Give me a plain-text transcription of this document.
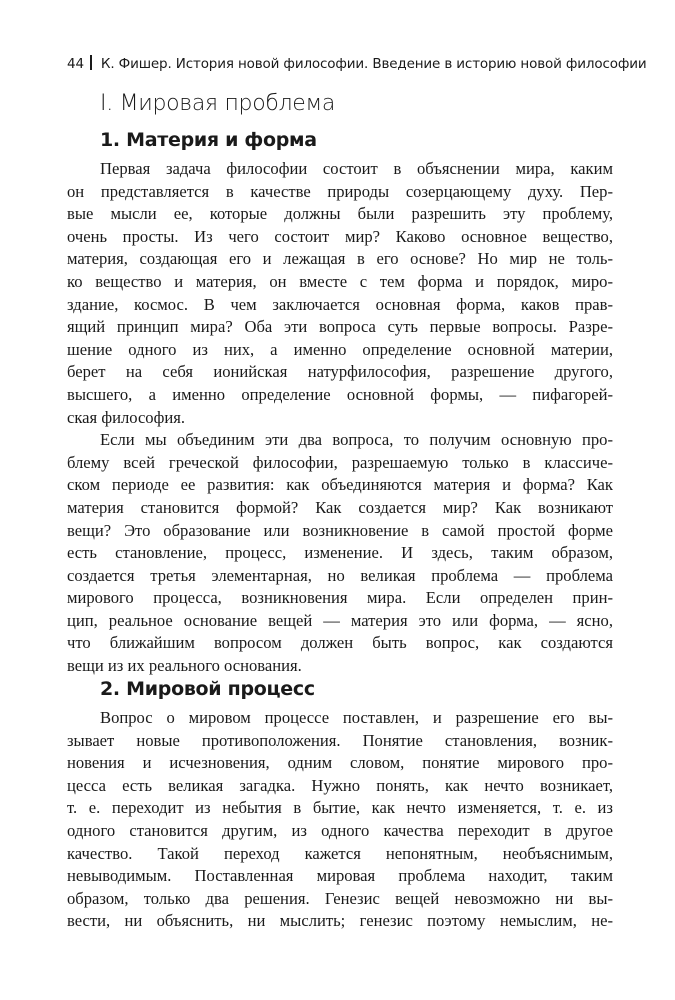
44 К. Фишер. История новой философии. Введение в историю новой философии
I. Мировая проблема
1. Материя и форма
Первая задача философии состоит в объяснении мира, каким
он представляется в качестве природы созерцающему духу. Пер-
вые мысли ее, которые должны были разрешить эту проблему,
очень просты. Из чего состоит мир? Каково основное вещество,
материя, создающая его и лежащая в его основе? Но мир не толь-
ко вещество и материя, он вместе с тем форма и порядок, миро-
здание, космос. В чем заключается основная форма, каков прав-
ящий принцип мира? Оба эти вопроса суть первые вопросы. Разре-
шение одного из них, а именно определение основной материи,
берет на себя ионийская натурфилософия, разрешение другого,
высшего, а именно определение основной формы, — пифагорей-
ская философия.
Если мы объединим эти два вопроса, то получим основную про-
блему всей греческой философии, разрешаемую только в классиче-
ском периоде ее развития: как объединяются материя и форма? Как
материя становится формой? Как создается мир? Как возникают
вещи? Это образование или возникновение в самой простой форме
есть становление, процесс, изменение. И здесь, таким образом,
создается третья элементарная, но великая проблема — проблема
мирового процесса, возникновения мира. Если определен прин-
цип, реальное основание вещей — материя это или форма, — ясно,
что ближайшим вопросом должен быть вопрос, как создаются
вещи из их реального основания.
2. Мировой процесс
Вопрос о мировом процессе поставлен, и разрешение его вы-
зывает новые противоположения. Понятие становления, возник-
новения и исчезновения, одним словом, понятие мирового про-
цесса есть великая загадка. Нужно понять, как нечто возникает,
т. е. переходит из небытия в бытие, как нечто изменяется, т. е. из
одного становится другим, из одного качества переходит в другое
качество. Такой переход кажется непонятным, необъяснимым,
невыводимым. Поставленная мировая проблема находит, таким
образом, только два решения. Генезис вещей невозможно ни вы-
вести, ни объяснить, ни мыслить; генезис поэтому немыслим, не-
